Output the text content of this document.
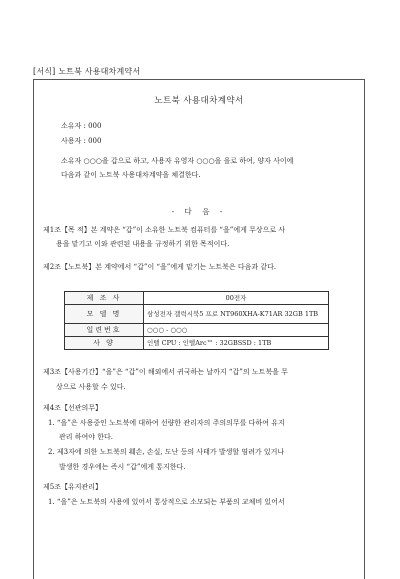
[서식] 노트북 사용대차계약서
노트북 사용대차계약서
소유자 : 000
사용자 : 000
소유자 ○○○을 갑으로 하고, 사용자 유영자 ○○○을 을로 하여, 양자 사이에
다음과 같이 노트북 사용대차계약을 체결한다.
- 다 음 -
제1조【목 적】본 계약은 “갑”이 소유한 노트북 컴퓨터를 “을”에게 무상으로 사
용을 맡기고 이와 관련된 내용을 규정하기 위한 목적이다.
제2조【노트북】본 계약에서 “갑”이 “을”에게 맡기는 노트북은 다음과 같다.
제 조 사	00전자
모 델 명	삼성전자 갤럭시북5 프로 NT960XHA-K71AR 32GB 1TB
일련번호	○○○ - ○○○
사 양	인텔 CPU : 인텔Arc™ : 32GBSSD : 1TB
제3조【사용기간】“을”은 “갑”이 해외에서 귀국하는 날까지 “갑”의 노트북을 무
상으로 사용할 수 있다.
제4조【선관의무】
1. “을”은 사용중인 노트북에 대하여 선량한 관리자의 주의의무를 다하여 유지
관리 하여야 한다.
2. 제3자에 의한 노트북의 훼손, 손실, 도난 등의 사태가 발생할 염려가 있거나
발생한 경우에는 즉시 “갑”에게 통지한다.
제5조【유지관리】
1. “을”은 노트북의 사용에 있어서 통상적으로 소모되는 부품의 교체비 있어서
